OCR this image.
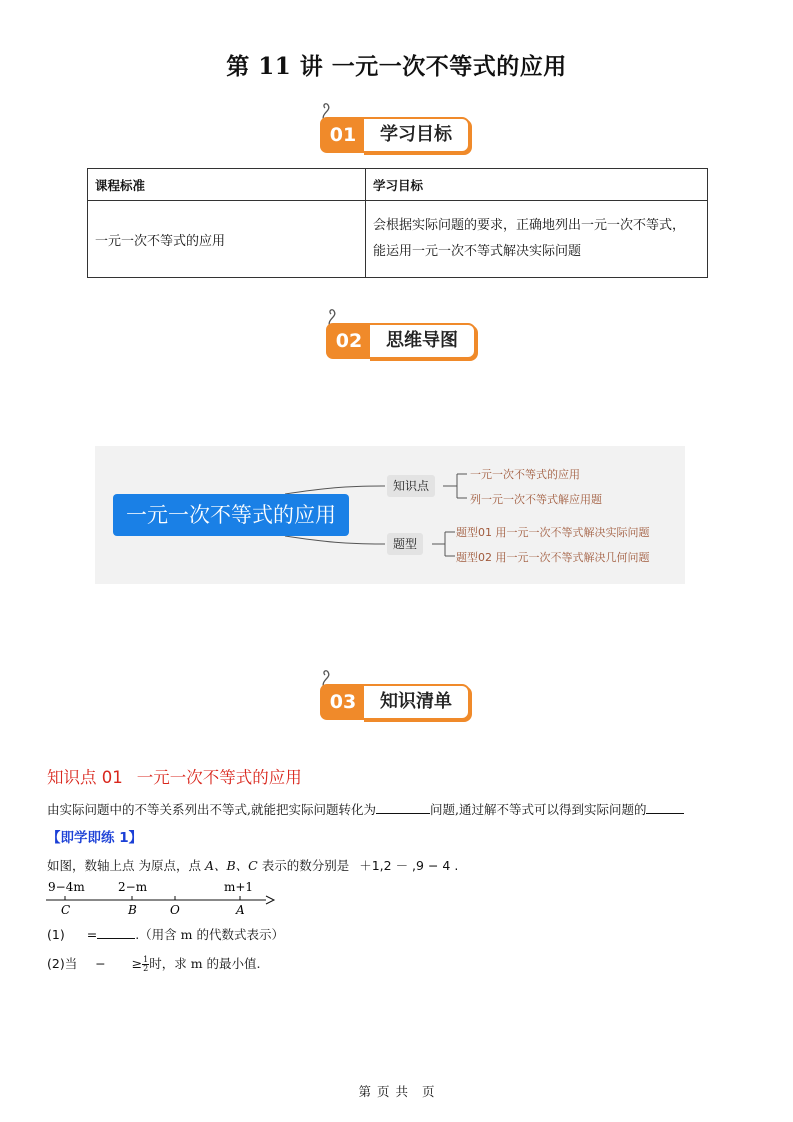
第 11 讲 一元一次不等式的应用
01	学习目标
课程标准	学习目标
一元一次不等式的应用	会根据实际问题的要求，正确地列出一元一次不等式，
能运用一元一次不等式解决实际问题
02	思维导图
一元一次不等式的应用
知识点
一元一次不等式的应用
列一元一次不等式解应用题
题型
题型01 用一元一次不等式解决实际问题
题型02 用一元一次不等式解决几何问题
03	知识清单
知识点 01 一元一次不等式的应用
由实际问题中的不等关系列出不等式,就能把实际问题转化为	问题,通过解不等式可以得到实际问题的
【即学即练 1】
如图，数轴上点 为原点，点 A、B、C 表示的数分别是 ＋1,2 － ,9 − 4 .
9−4m	2−m	m+1
C	B	O	A
(1) =	.（用含 m 的代数式表示）
(2)当 − ≥ $\frac{1}{2}$ 时，求 m 的最小值.
第 页 共 页
